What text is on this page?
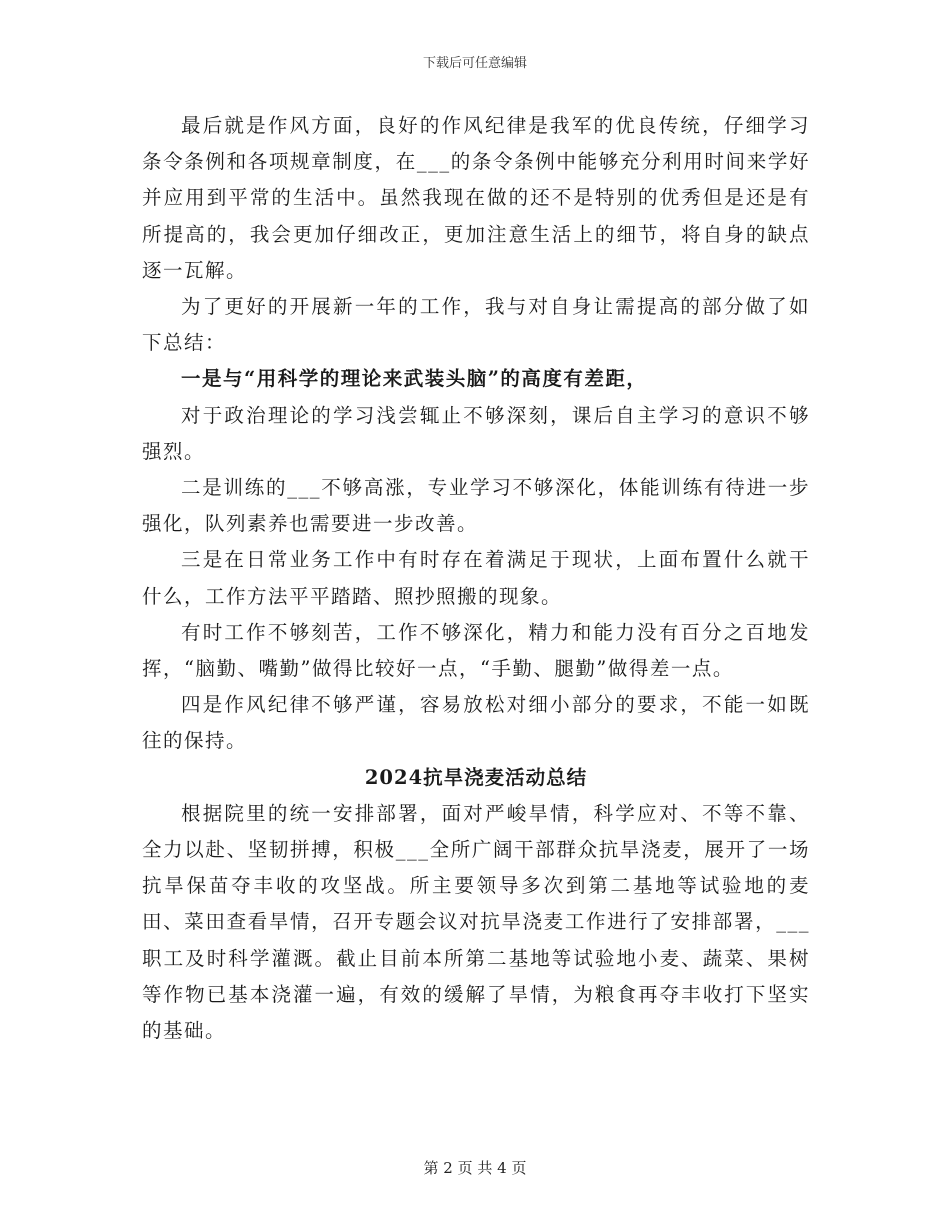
下载后可任意编辑

最后就是作风方面，良好的作风纪律是我军的优良传统，仔细学习条令条例和各项规章制度，在___的条令条例中能够充分利用时间来学好并应用到平常的生活中。虽然我现在做的还不是特别的优秀但是还是有所提高的，我会更加仔细改正，更加注意生活上的细节，将自身的缺点逐一瓦解。

为了更好的开展新一年的工作，我与对自身让需提高的部分做了如下总结：

一是与“用科学的理论来武装头脑”的高度有差距，

对于政治理论的学习浅尝辄止不够深刻，课后自主学习的意识不够强烈。

二是训练的___不够高涨，专业学习不够深化，体能训练有待进一步强化，队列素养也需要进一步改善。

三是在日常业务工作中有时存在着满足于现状，上面布置什么就干什么，工作方法平平踏踏、照抄照搬的现象。

有时工作不够刻苦，工作不够深化，精力和能力没有百分之百地发挥，“脑勤、嘴勤”做得比较好一点，“手勤、腿勤”做得差一点。

四是作风纪律不够严谨，容易放松对细小部分的要求，不能一如既往的保持。

2024抗旱浇麦活动总结

根据院里的统一安排部署，面对严峻旱情，科学应对、不等不靠、全力以赴、坚韧拼搏，积极___全所广阔干部群众抗旱浇麦，展开了一场抗旱保苗夺丰收的攻坚战。所主要领导多次到第二基地等试验地的麦田、菜田查看旱情，召开专题会议对抗旱浇麦工作进行了安排部署，___职工及时科学灌溉。截止目前本所第二基地等试验地小麦、蔬菜、果树等作物已基本浇灌一遍，有效的缓解了旱情，为粮食再夺丰收打下坚实的基础。

第 2 页 共 4 页
